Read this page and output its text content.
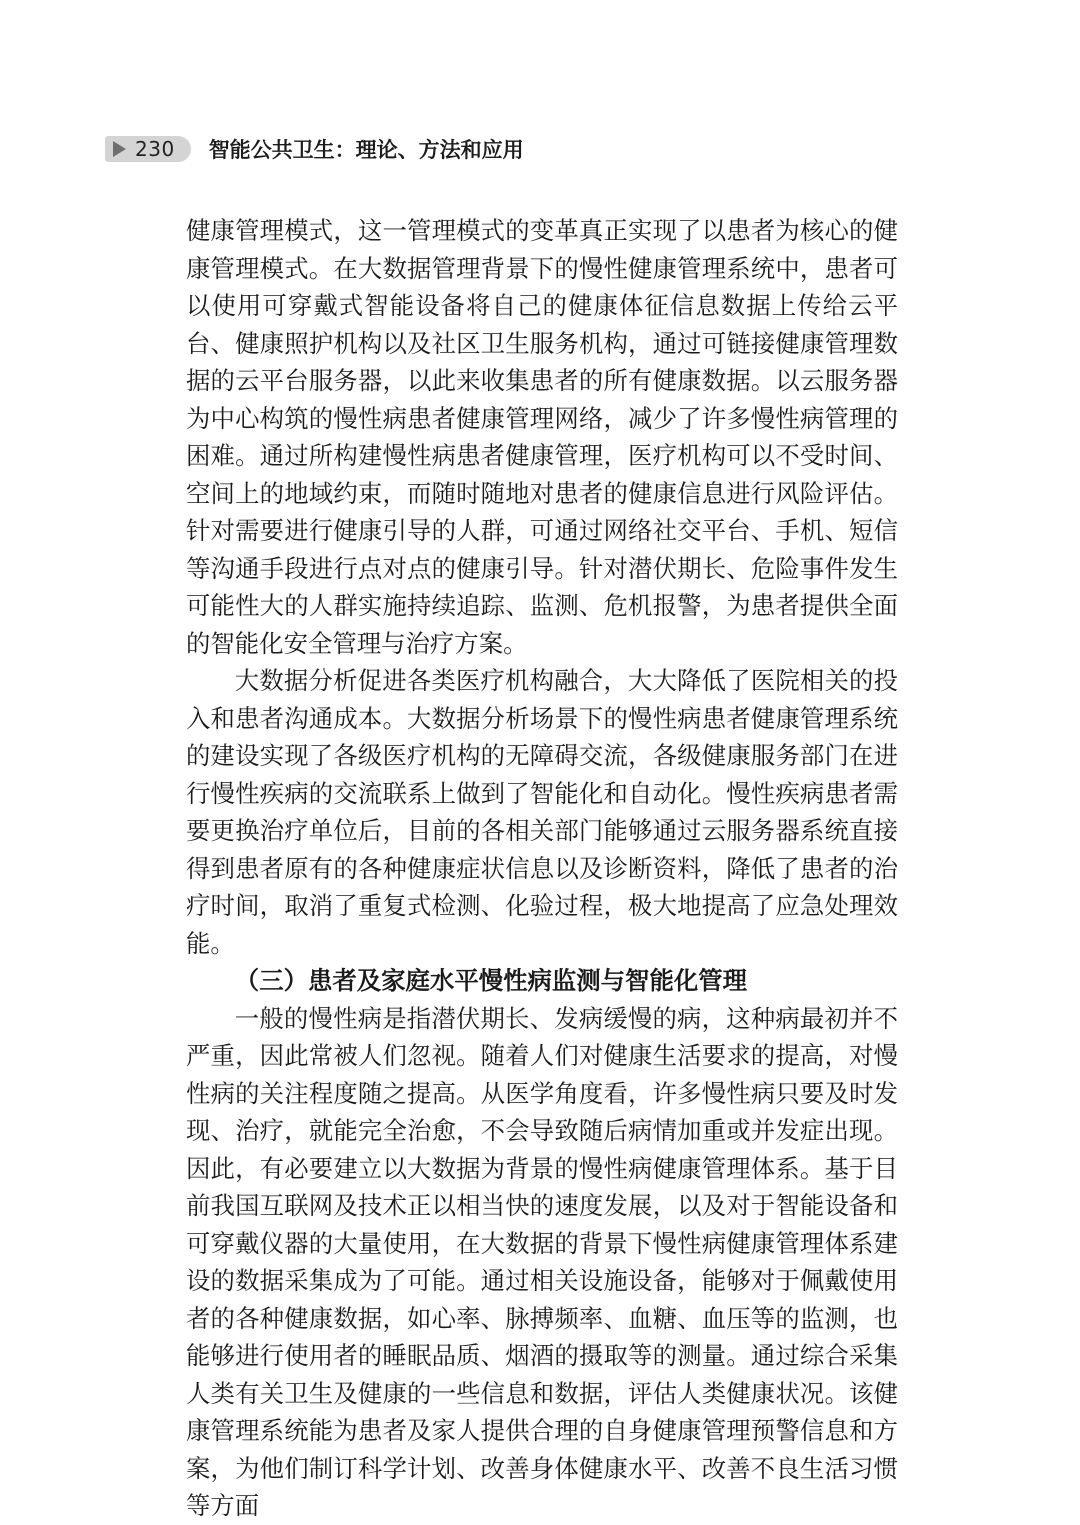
230 智能公共卫生：理论、方法和应用

健康管理模式，这一管理模式的变革真正实现了以患者为核心的健康管理模式。在大数据管理背景下的慢性健康管理系统中，患者可以使用可穿戴式智能设备将自己的健康体征信息数据上传给云平台、健康照护机构以及社区卫生服务机构，通过可链接健康管理数据的云平台服务器，以此来收集患者的所有健康数据。以云服务器为中心构筑的慢性病患者健康管理网络，减少了许多慢性病管理的困难。通过所构建慢性病患者健康管理，医疗机构可以不受时间、空间上的地域约束，而随时随地对患者的健康信息进行风险评估。针对需要进行健康引导的人群，可通过网络社交平台、手机、短信等沟通手段进行点对点的健康引导。针对潜伏期长、危险事件发生可能性大的人群实施持续追踪、监测、危机报警，为患者提供全面的智能化安全管理与治疗方案。

大数据分析促进各类医疗机构融合，大大降低了医院相关的投入和患者沟通成本。大数据分析场景下的慢性病患者健康管理系统的建设实现了各级医疗机构的无障碍交流，各级健康服务部门在进行慢性疾病的交流联系上做到了智能化和自动化。慢性疾病患者需要更换治疗单位后，目前的各相关部门能够通过云服务器系统直接得到患者原有的各种健康症状信息以及诊断资料，降低了患者的治疗时间，取消了重复式检测、化验过程，极大地提高了应急处理效能。

（三）患者及家庭水平慢性病监测与智能化管理

一般的慢性病是指潜伏期长、发病缓慢的病，这种病最初并不严重，因此常被人们忽视。随着人们对健康生活要求的提高，对慢性病的关注程度随之提高。从医学角度看，许多慢性病只要及时发现、治疗，就能完全治愈，不会导致随后病情加重或并发症出现。因此，有必要建立以大数据为背景的慢性病健康管理体系。基于目前我国互联网及技术正以相当快的速度发展，以及对于智能设备和可穿戴仪器的大量使用，在大数据的背景下慢性病健康管理体系建设的数据采集成为了可能。通过相关设施设备，能够对于佩戴使用者的各种健康数据，如心率、脉搏频率、血糖、血压等的监测，也能够进行使用者的睡眠品质、烟酒的摄取等的测量。通过综合采集人类有关卫生及健康的一些信息和数据，评估人类健康状况。该健康管理系统能为患者及家人提供合理的自身健康管理预警信息和方案，为他们制订科学计划、改善身体健康水平、改善不良生活习惯等方面
